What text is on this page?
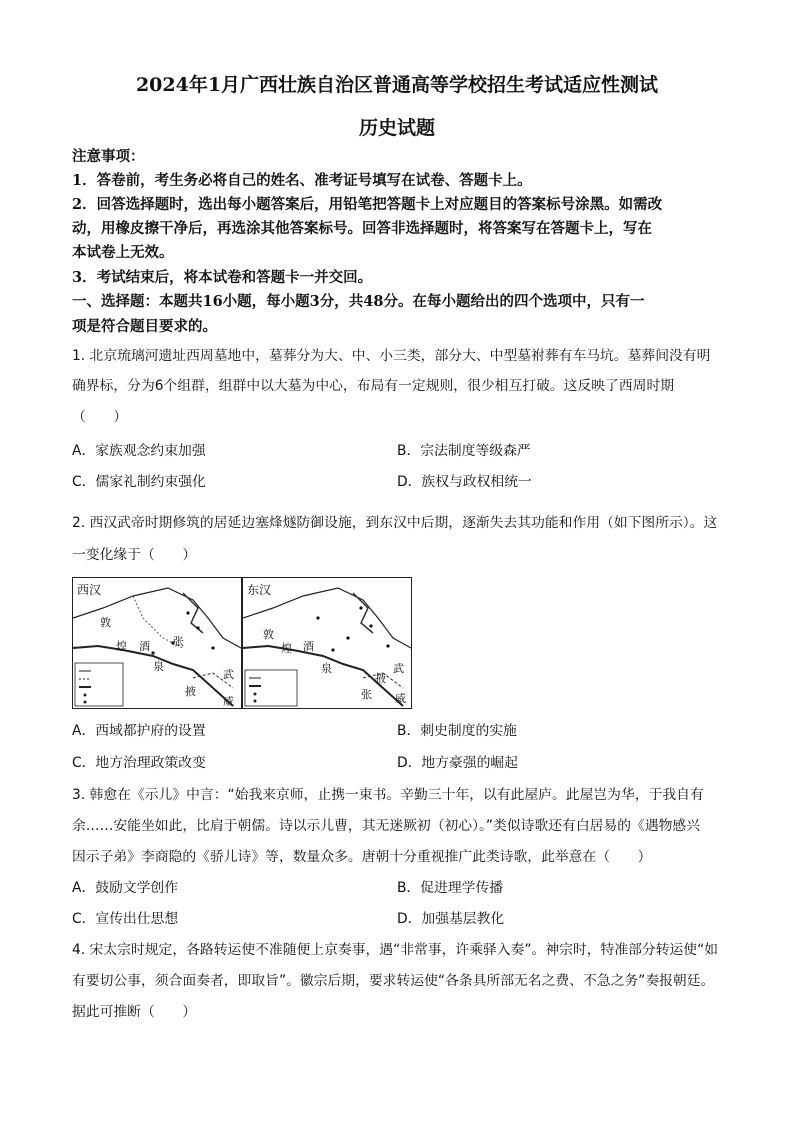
2024年1月广西壮族自治区普通高等学校招生考试适应性测试
历史试题
注意事项：
1．答卷前，考生务必将自己的姓名、准考证号填写在试卷、答题卡上。
2．回答选择题时，选出每小题答案后，用铅笔把答题卡上对应题目的答案标号涂黑。如需改
动，用橡皮擦干净后，再选涂其他答案标号。回答非选择题时，将答案写在答题卡上，写在
本试卷上无效。
3．考试结束后，将本试卷和答题卡一并交回。
一、选择题：本题共16小题，每小题3分，共48分。在每小题给出的四个选项中，只有一
项是符合题目要求的。
1. 北京琉璃河遗址西周墓地中，墓葬分为大、中、小三类，部分大、中型墓祔葬有车马坑。墓葬间没有明
确界标，分为6个组群，组群中以大墓为中心，布局有一定规则，很少相互打破。这反映了西周时期
（　　）
A．家族观念约束加强	B．宗法制度等级森严
C．儒家礼制约束强化	D．族权与政权相统一
2. 西汉武帝时期修筑的居延边塞烽燧防御设施，到东汉中后期，逐渐失去其功能和作用（如下图所示）。这
一变化缘于（　　）
西汉
敦
煌 酒
泉
张
掖
武
威
东汉
敦
煌 酒
泉
张
掖
武
威
A．西域都护府的设置	B．刺史制度的实施
C．地方治理政策改变	D．地方豪强的崛起
3. 韩愈在《示儿》中言：“始我来京师，止携一束书。辛勤三十年，以有此屋庐。此屋岂为华，于我自有
余……安能坐如此，比肩于朝儒。诗以示儿曹，其无迷厥初（初心）。”类似诗歌还有白居易的《遇物感兴
因示子弟》李商隐的《骄儿诗》等，数量众多。唐朝十分重视推广此类诗歌，此举意在（　　）
A．鼓励文学创作	B．促进理学传播
C．宣传出仕思想	D．加强基层教化
4. 宋太宗时规定，各路转运使不准随便上京奏事，遇“非常事，许乘驿入奏”。神宗时，特准部分转运使“如
有要切公事，须合面奏者，即取旨”。徽宗后期，要求转运使“各条具所部无名之费、不急之务”奏报朝廷。
据此可推断（　　）
